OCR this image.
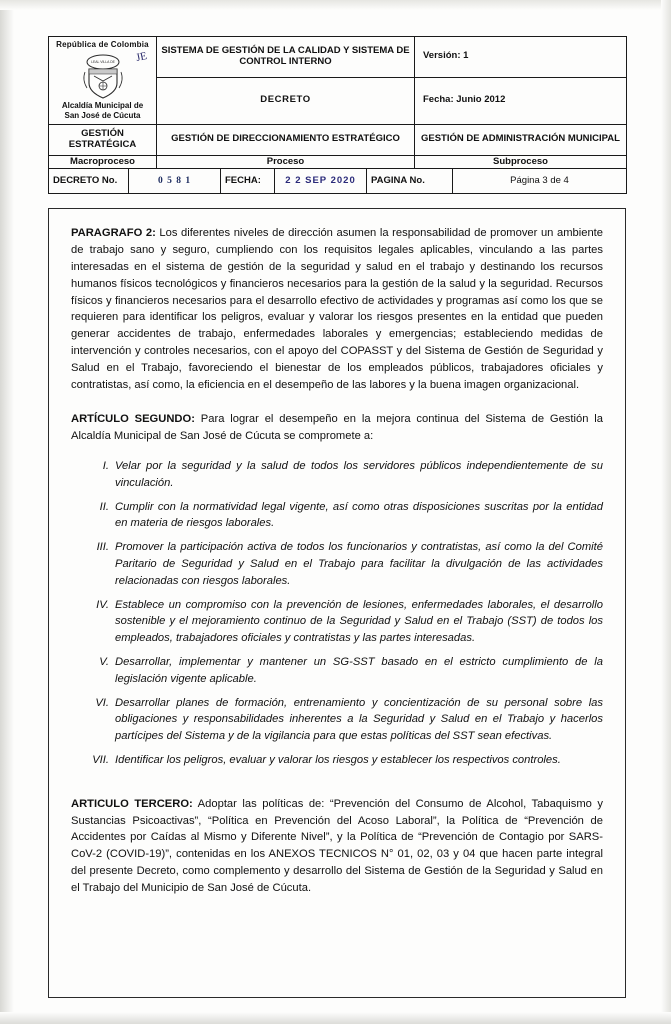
República de Colombia
LEAL VILLA DE
Alcaldía Municipal de
San José de Cúcuta	SISTEMA DE GESTIÓN DE LA CALIDAD Y SISTEMA DE CONTROL INTERNO	Versión: 1
	DECRETO	Fecha: Junio 2012
GESTIÓN ESTRATÉGICA	GESTIÓN DE DIRECCIONAMIENTO ESTRATÉGICO	GESTIÓN DE ADMINISTRACIÓN MUNICIPAL
Macroproceso	Proceso	Subproceso
DECRETO No.	0 5 8 1	FECHA:	2 2 SEP 2020	PAGINA No.	Página 3 de 4
JE

PARAGRAFO 2: Los diferentes niveles de dirección asumen la responsabilidad de promover un ambiente de trabajo sano y seguro, cumpliendo con los requisitos legales aplicables, vinculando a las partes interesadas en el sistema de gestión de la seguridad y salud en el trabajo y destinando los recursos humanos físicos tecnológicos y financieros necesarios para la gestión de la salud y la seguridad. Recursos físicos y financieros necesarios para el desarrollo efectivo de actividades y programas así como los que se requieren para identificar los peligros, evaluar y valorar los riesgos presentes en la entidad que pueden generar accidentes de trabajo, enfermedades laborales y emergencias; estableciendo medidas de intervención y controles necesarios, con el apoyo del COPASST y del Sistema de Gestión de Seguridad y Salud en el Trabajo, favoreciendo el bienestar de los empleados públicos, trabajadores oficiales y contratistas, así como, la eficiencia en el desempeño de las labores y la buena imagen organizacional.

ARTÍCULO SEGUNDO: Para lograr el desempeño en la mejora continua del Sistema de Gestión la Alcaldía Municipal de San José de Cúcuta se compromete a:

I. Velar por la seguridad y la salud de todos los servidores públicos independientemente de su vinculación.
II. Cumplir con la normatividad legal vigente, así como otras disposiciones suscritas por la entidad en materia de riesgos laborales.
III. Promover la participación activa de todos los funcionarios y contratistas, así como la del Comité Paritario de Seguridad y Salud en el Trabajo para facilitar la divulgación de las actividades relacionadas con riesgos laborales.
IV. Establece un compromiso con la prevención de lesiones, enfermedades laborales, el desarrollo sostenible y el mejoramiento continuo de la Seguridad y Salud en el Trabajo (SST) de todos los empleados, trabajadores oficiales y contratistas y las partes interesadas.
V. Desarrollar, implementar y mantener un SG-SST basado en el estricto cumplimiento de la legislación vigente aplicable.
VI. Desarrollar planes de formación, entrenamiento y concientización de su personal sobre las obligaciones y responsabilidades inherentes a la Seguridad y Salud en el Trabajo y hacerlos partícipes del Sistema y de la vigilancia para que estas políticas del SST sean efectivas.
VII. Identificar los peligros, evaluar y valorar los riesgos y establecer los respectivos controles.

ARTICULO TERCERO: Adoptar las políticas de: “Prevención del Consumo de Alcohol, Tabaquismo y Sustancias Psicoactivas”, “Política en Prevención del Acoso Laboral”, la Política de “Prevención de Accidentes por Caídas al Mismo y Diferente Nivel”, y la Política de “Prevención de Contagio por SARS-CoV-2 (COVID-19)”, contenidas en los ANEXOS TECNICOS N° 01, 02, 03 y 04 que hacen parte integral del presente Decreto, como complemento y desarrollo del Sistema de Gestión de la Seguridad y Salud en el Trabajo del Municipio de San José de Cúcuta.
